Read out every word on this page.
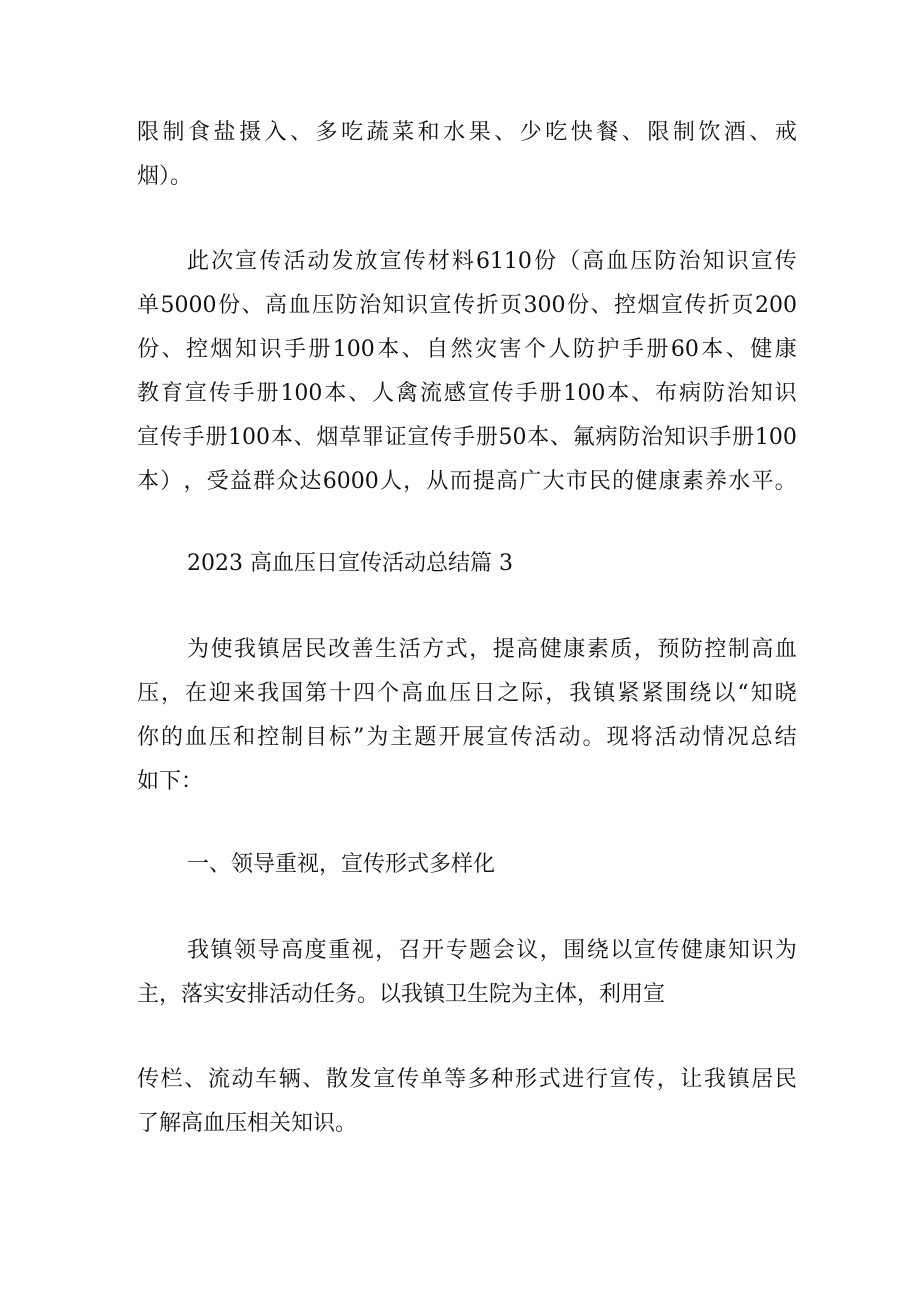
限 制 食 盐 摄 入 、 多 吃 蔬 菜 和 水 果 、 少 吃 快 餐 、 限 制 饮 酒 、 戒
烟）。
此 次 宣 传 活 动 发 放 宣 传 材 料 6110 份 （ 高 血 压 防 治 知 识 宣 传
单 5000 份 、 高 血 压 防 治 知 识 宣 传 折 页 300 份 、 控 烟 宣 传 折 页 200
份 、 控 烟 知 识 手 册 100 本 、 自 然 灾 害 个 人 防 护 手 册 60 本 、 健 康
教 育 宣 传 手 册 100 本 、 人 禽 流 感 宣 传 手 册 100 本 、 布 病 防 治 知 识
宣 传 手 册 100 本 、 烟 草 罪 证 宣 传 手 册 50 本 、 氟 病 防 治 知 识 手 册 100
本 ） ， 受 益 群 众 达 6000 人 ， 从 而 提 高 广 大 市 民 的 健 康 素 养 水 平 。
2023 高血压日宣传活动总结篇 3
为 使 我 镇 居 民 改 善 生 活 方 式 ， 提 高 健 康 素 质 ， 预 防 控 制 高 血
压 ， 在 迎 来 我 国 第 十 四 个 高 血 压 日 之 际 ， 我 镇 紧 紧 围 绕 以 “ 知 晓
你 的 血 压 和 控 制 目 标 ” 为 主 题 开 展 宣 传 活 动 。 现 将 活 动 情 况 总 结
如下：
一、领导重视，宣传形式多样化
我 镇 领 导 高 度 重 视 ， 召 开 专 题 会 议 ， 围 绕 以 宣 传 健 康 知 识 为
主，落实安排活动任务。以我镇卫生院为主体，利用宣
传 栏 、 流 动 车 辆 、 散 发 宣 传 单 等 多 种 形 式 进 行 宣 传 ， 让 我 镇 居 民
了解高血压相关知识。
